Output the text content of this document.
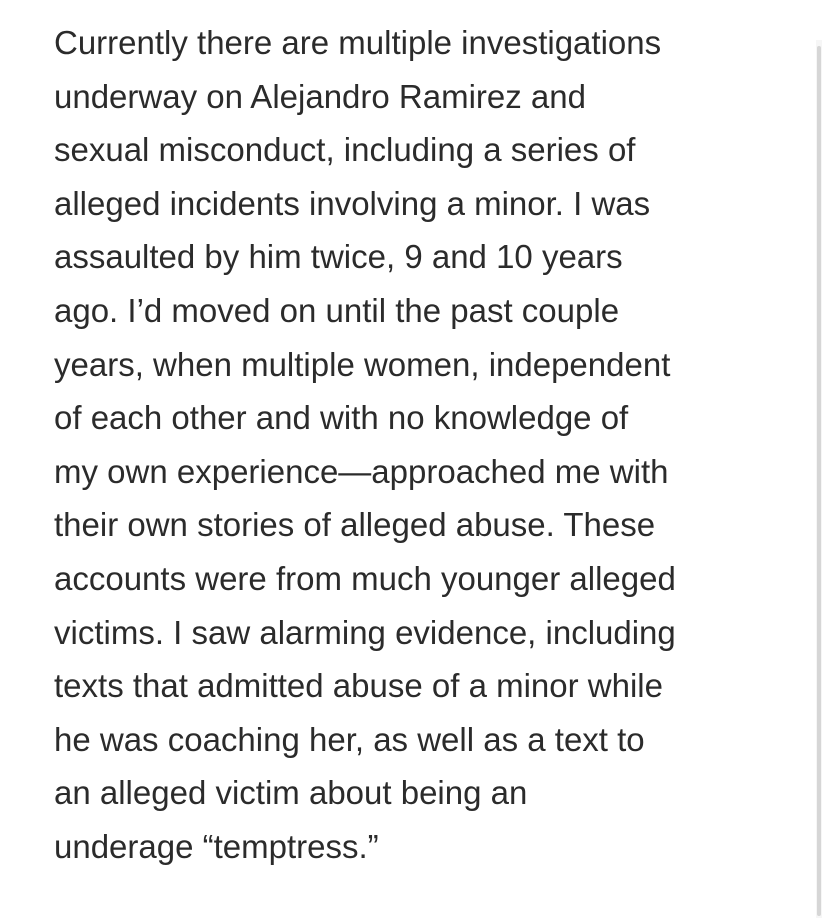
Currently there are multiple investigations
underway on Alejandro Ramirez and
sexual misconduct, including a series of
alleged incidents involving a minor. I was
assaulted by him twice, 9 and 10 years
ago. I’d moved on until the past couple
years, when multiple women, independent
of each other and with no knowledge of
my own experience—approached me with
their own stories of alleged abuse. These
accounts were from much younger alleged
victims. I saw alarming evidence, including
texts that admitted abuse of a minor while
he was coaching her, as well as a text to
an alleged victim about being an
underage “temptress.”
